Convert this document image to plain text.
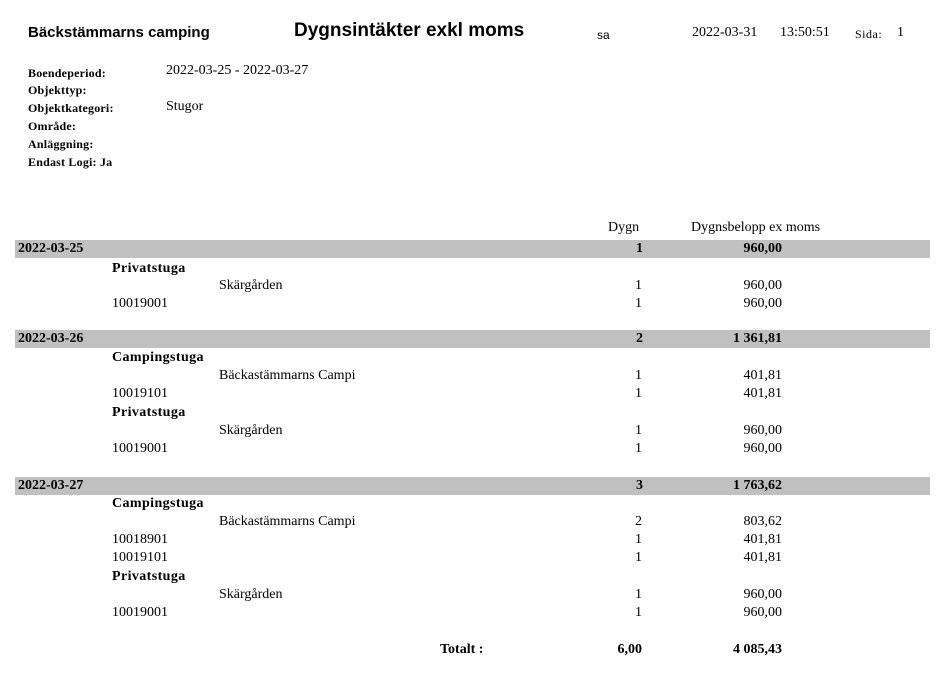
Bäckstämmarns camping	Dygnsintäkter exkl moms	sa	2022-03-31 13:50:51 Sida: 1
Boendeperiod:	2022-03-25 - 2022-03-27
Objekttyp:
Objektkategori:	Stugor
Område:
Anläggning:
Endast Logi: Ja
Dygn	Dygnsbelopp ex moms
2022-03-25	1	960,00
Privatstuga
Skärgården	1	960,00
10019001	1	960,00
2022-03-26	2	1 361,81
Campingstuga
Bäckastämmarns Campi	1	401,81
10019101	1	401,81
Privatstuga
Skärgården	1	960,00
10019001	1	960,00
2022-03-27	3	1 763,62
Campingstuga
Bäckastämmarns Campi	2	803,62
10018901	1	401,81
10019101	1	401,81
Privatstuga
Skärgården	1	960,00
10019001	1	960,00
Totalt :	6,00	4 085,43
